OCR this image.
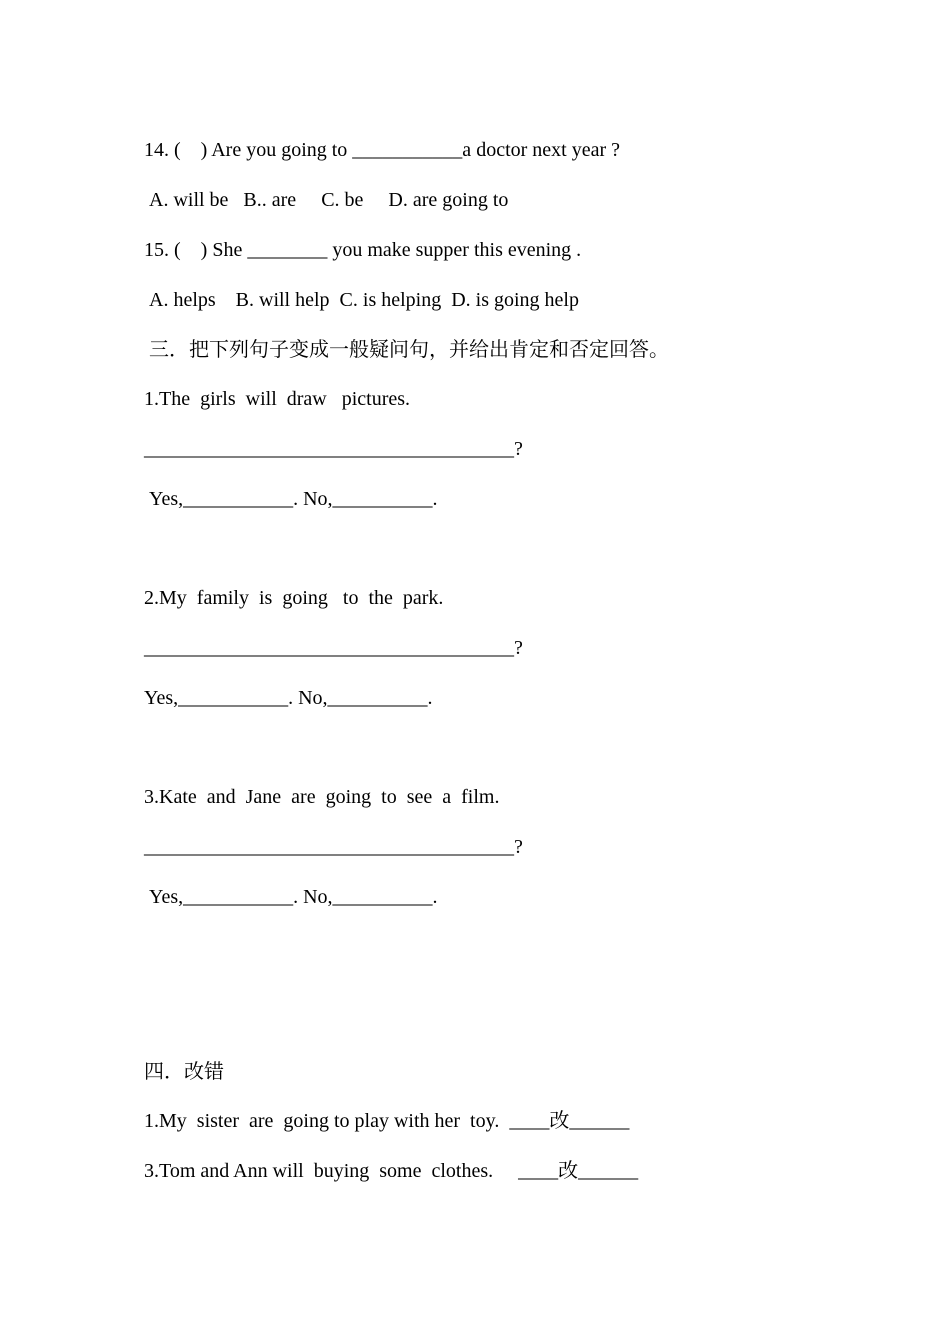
14. (    ) Are you going to ___________a doctor next year ?
A. will be   B.. are     C. be     D. are going to
15. (    ) She ________ you make supper this evening .
A. helps    B. will help  C. is helping  D. is going help
三．把下列句子变成一般疑问句，并给出肯定和否定回答。
1.The  girls  will  draw   pictures.
_____________________________________?
Yes,___________. No,__________.
2.My  family  is  going   to  the  park.
_____________________________________?
Yes,___________. No,__________.
3.Kate  and  Jane  are  going  to  see  a  film.
_____________________________________?
Yes,___________. No,__________.
四．改错
1.My  sister  are  going to play with her  toy.  ____改______
3.Tom and Ann will  buying  some  clothes.     ____改______
